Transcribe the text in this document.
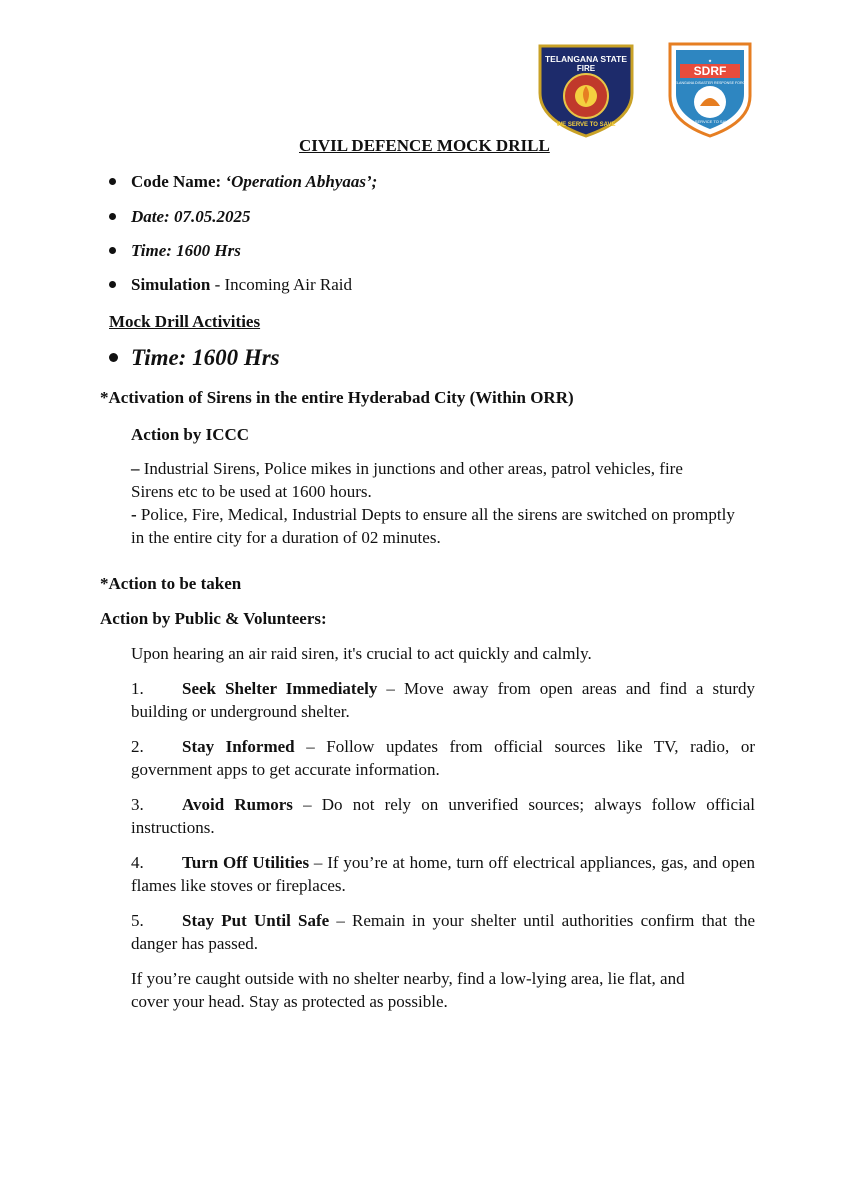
TELANGANA STATE
FIRE
WE SERVE TO SAVE
⬥
SDRF
TELANGANA DISASTER RESPONSE FORCE
IN SERVICE TO SAVE
CIVIL DEFENCE MOCK DRILL
Code Name: ‘Operation Abhyaas’;
Date: 07.05.2025
Time: 1600 Hrs
Simulation - Incoming Air Raid
Mock Drill Activities
Time: 1600 Hrs
*Activation of Sirens in the entire Hyderabad City (Within ORR)
Action by ICCC
– Industrial Sirens, Police mikes in junctions and other areas, patrol vehicles, fire
Sirens etc to be used at 1600 hours.
- Police, Fire, Medical, Industrial Depts to ensure all the sirens are switched on promptly
in the entire city for a duration of 02 minutes.
*Action to be taken
Action by Public & Volunteers:
Upon hearing an air raid siren, it's crucial to act quickly and calmly.
1. Seek Shelter Immediately – Move away from open areas and find a sturdy building or underground shelter.
2. Stay Informed – Follow updates from official sources like TV, radio, or government apps to get accurate information.
3. Avoid Rumors – Do not rely on unverified sources; always follow official instructions.
4. Turn Off Utilities – If you’re at home, turn off electrical appliances, gas, and open flames like stoves or fireplaces.
5. Stay Put Until Safe – Remain in your shelter until authorities confirm that the danger has passed.
If you’re caught outside with no shelter nearby, find a low-lying area, lie flat, and
cover your head. Stay as protected as possible.
